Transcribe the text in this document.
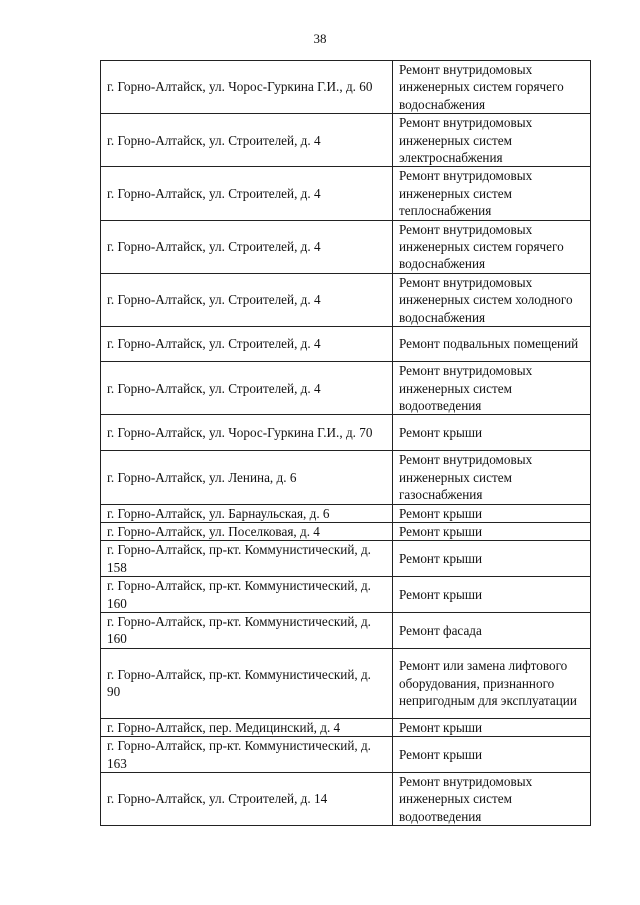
38
г. Горно-Алтайск, ул. Чорос-Гуркина Г.И., д. 60	Ремонт внутридомовых инженерных систем горячего водоснабжения
г. Горно-Алтайск, ул. Строителей, д. 4	Ремонт внутридомовых инженерных систем электроснабжения
г. Горно-Алтайск, ул. Строителей, д. 4	Ремонт внутридомовых инженерных систем теплоснабжения
г. Горно-Алтайск, ул. Строителей, д. 4	Ремонт внутридомовых инженерных систем горячего водоснабжения
г. Горно-Алтайск, ул. Строителей, д. 4	Ремонт внутридомовых инженерных систем холодного водоснабжения
г. Горно-Алтайск, ул. Строителей, д. 4	Ремонт подвальных помещений
г. Горно-Алтайск, ул. Строителей, д. 4	Ремонт внутридомовых инженерных систем водоотведения
г. Горно-Алтайск, ул. Чорос-Гуркина Г.И., д. 70	Ремонт крыши
г. Горно-Алтайск, ул. Ленина, д. 6	Ремонт внутридомовых инженерных систем газоснабжения
г. Горно-Алтайск, ул. Барнаульская, д. 6	Ремонт крыши
г. Горно-Алтайск, ул. Поселковая, д. 4	Ремонт крыши
г. Горно-Алтайск, пр-кт. Коммунистический, д. 158	Ремонт крыши
г. Горно-Алтайск, пр-кт. Коммунистический, д. 160	Ремонт крыши
г. Горно-Алтайск, пр-кт. Коммунистический, д. 160	Ремонт фасада
г. Горно-Алтайск, пр-кт. Коммунистический, д. 90	Ремонт или замена лифтового оборудования, признанного непригодным для эксплуатации
г. Горно-Алтайск, пер. Медицинский, д. 4	Ремонт крыши
г. Горно-Алтайск, пр-кт. Коммунистический, д. 163	Ремонт крыши
г. Горно-Алтайск, ул. Строителей, д. 14	Ремонт внутридомовых инженерных систем водоотведения
